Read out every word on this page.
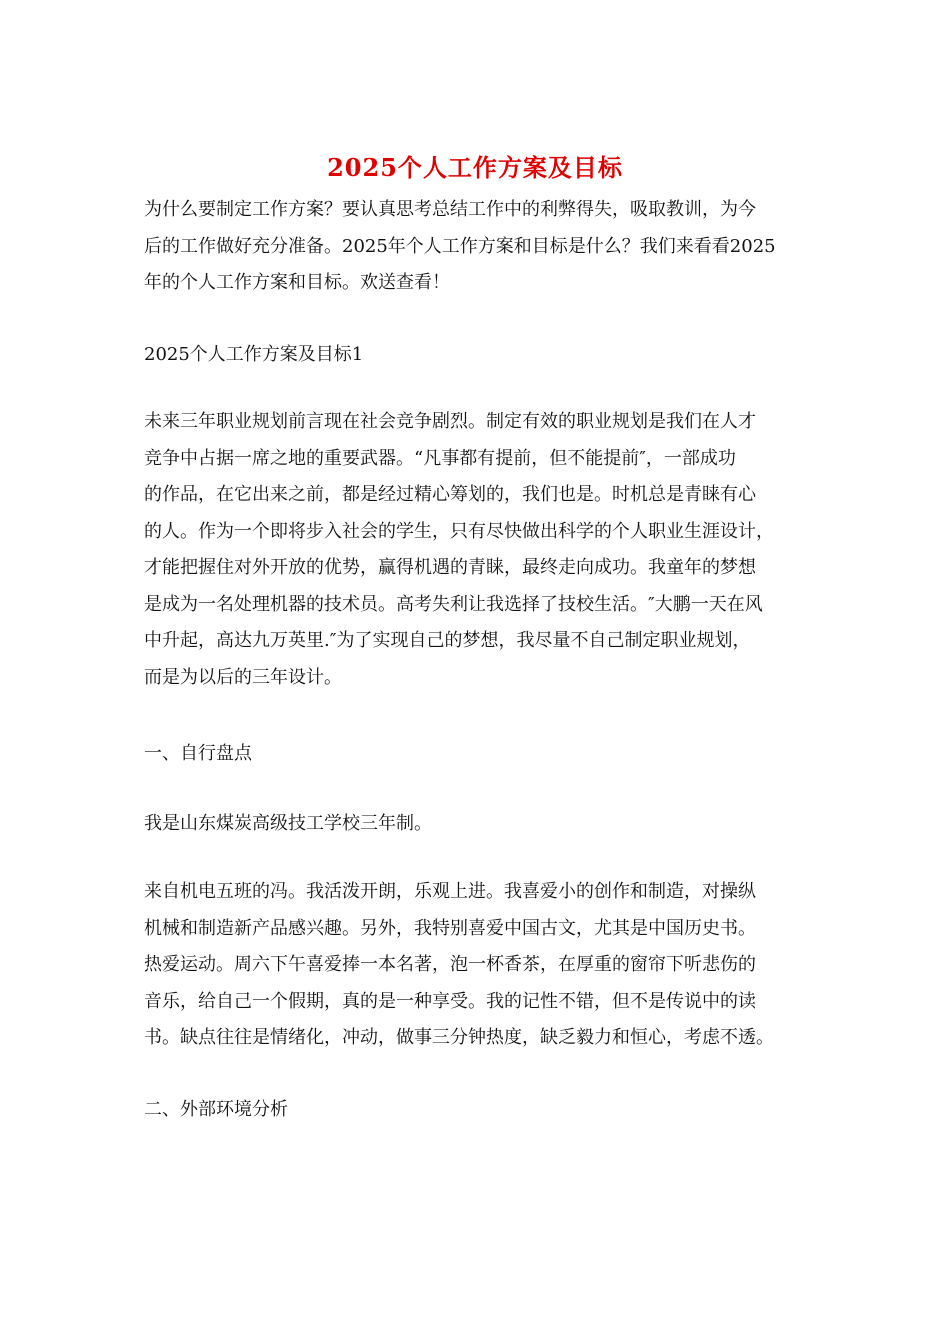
2025个人工作方案及目标

为什么要制定工作方案？要认真思考总结工作中的利弊得失，吸取教训，为今
后的工作做好充分准备。2025年个人工作方案和目标是什么？我们来看看2025
年的个人工作方案和目标。欢送查看！

2025个人工作方案及目标1

未来三年职业规划前言现在社会竞争剧烈。制定有效的职业规划是我们在人才
竞争中占据一席之地的重要武器。“凡事都有提前，但不能提前″，一部成功
的作品，在它出来之前，都是经过精心筹划的，我们也是。时机总是青睐有心
的人。作为一个即将步入社会的学生，只有尽快做出科学的个人职业生涯设计，
才能把握住对外开放的优势，赢得机遇的青睐，最终走向成功。我童年的梦想
是成为一名处理机器的技术员。高考失利让我选择了技校生活。″大鹏一天在风
中升起，高达九万英里.″为了实现自己的梦想，我尽量不自己制定职业规划，
而是为以后的三年设计。

一、自行盘点

我是山东煤炭高级技工学校三年制。

来自机电五班的冯。我活泼开朗，乐观上进。我喜爱小的创作和制造，对操纵
机械和制造新产品感兴趣。另外，我特别喜爱中国古文，尤其是中国历史书。
热爱运动。周六下午喜爱捧一本名著，泡一杯香茶，在厚重的窗帘下听悲伤的
音乐，给自己一个假期，真的是一种享受。我的记性不错，但不是传说中的读
书。缺点往往是情绪化，冲动，做事三分钟热度，缺乏毅力和恒心，考虑不透。

二、外部环境分析
